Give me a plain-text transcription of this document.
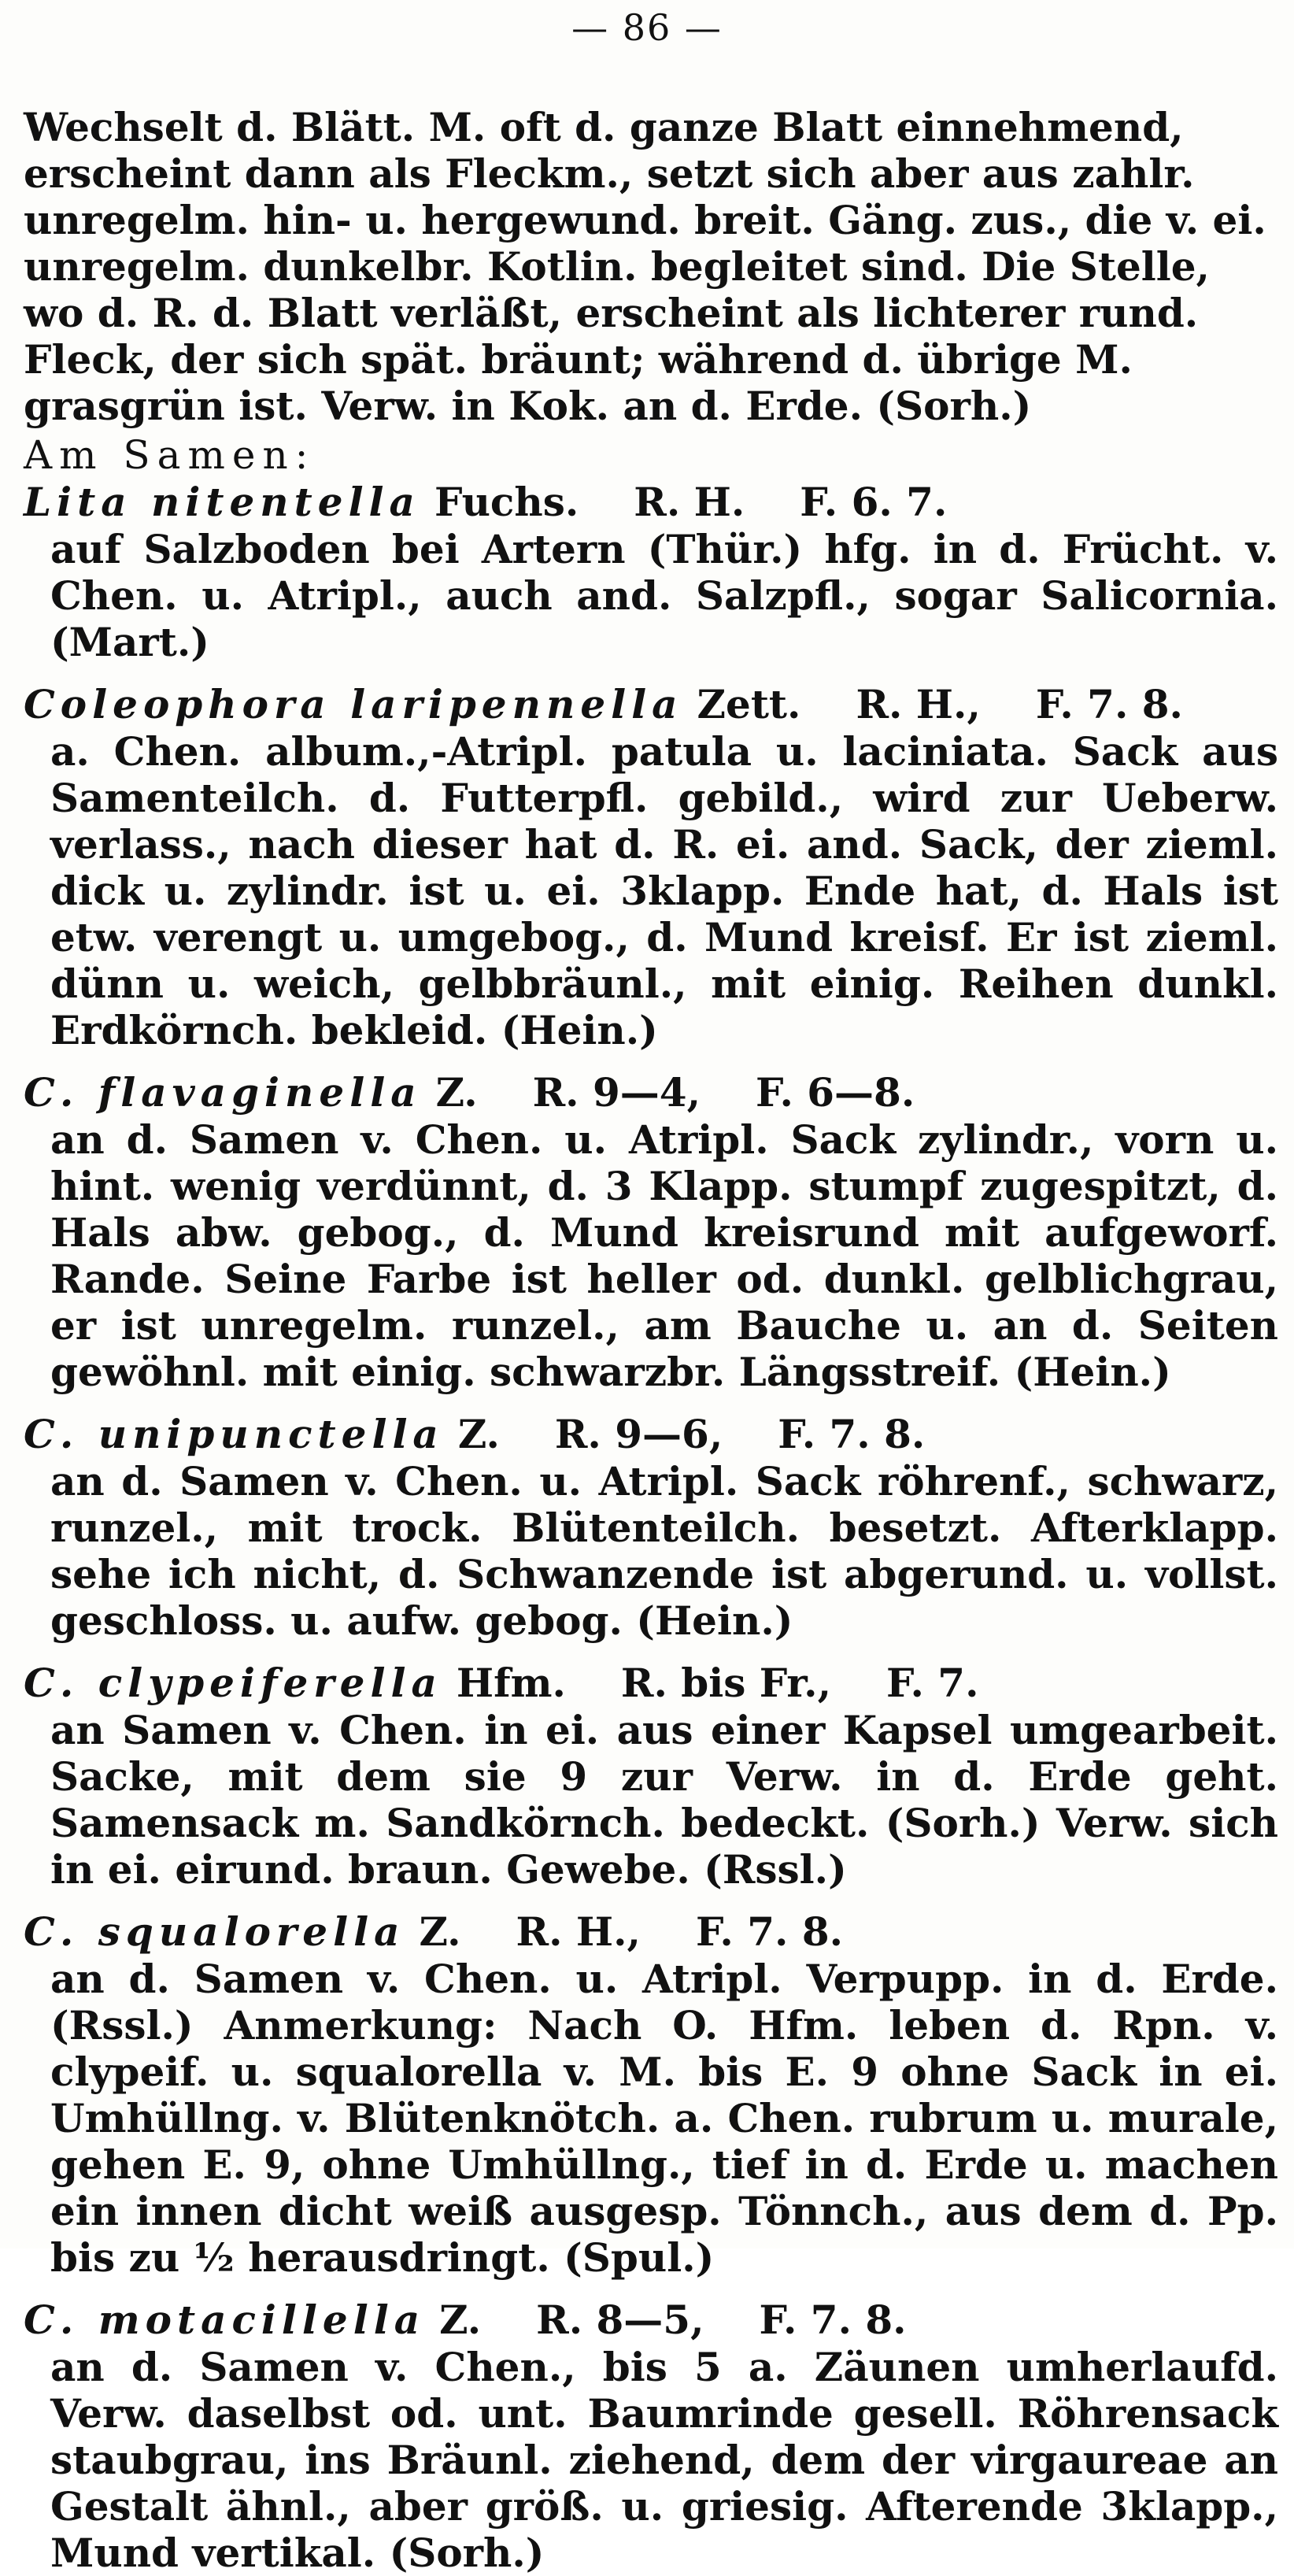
— 86 —

Wechselt d. Blätt. M. oft d. ganze Blatt einnehmend, erscheint dann als Fleckm., setzt sich aber aus zahlr. unregelm. hin- u. hergewund. breit. Gäng. zus., die v. ei. unregelm. dunkelbr. Kotlin. begleitet sind. Die Stelle, wo d. R. d. Blatt verläßt, erscheint als lichterer rund. Fleck, der sich spät. bräunt; während d. übrige M. grasgrün ist. Verw. in Kok. an d. Erde. (Sorh.)

Am Samen:
Lita nitentella Fuchs. R. H. F. 6. 7.

auf Salzboden bei Artern (Thür.) hfg. in d. Frücht. v. Chen. u. Atripl., auch and. Salzpfl., sogar Salicornia. (Mart.)

Coleophora laripennella Zett. R. H., F. 7. 8.

a. Chen. album.,-Atripl. patula u. laciniata. Sack aus Samenteilch. d. Futterpfl. gebild., wird zur Ueberw. verlass., nach dieser hat d. R. ei. and. Sack, der zieml. dick u. zylindr. ist u. ei. 3klapp. Ende hat, d. Hals ist etw. verengt u. umgebog., d. Mund kreisf. Er ist zieml. dünn u. weich, gelbbräunl., mit einig. Reihen dunkl. Erdkörnch. bekleid. (Hein.)

C. flavaginella Z. R. 9—4, F. 6—8.

an d. Samen v. Chen. u. Atripl. Sack zylindr., vorn u. hint. wenig verdünnt, d. 3 Klapp. stumpf zugespitzt, d. Hals abw. gebog., d. Mund kreisrund mit aufgeworf. Rande. Seine Farbe ist heller od. dunkl. gelblichgrau, er ist unregelm. runzel., am Bauche u. an d. Seiten gewöhnl. mit einig. schwarzbr. Längsstreif. (Hein.)

C. unipunctella Z. R. 9—6, F. 7. 8.

an d. Samen v. Chen. u. Atripl. Sack röhrenf., schwarz, runzel., mit trock. Blütenteilch. besetzt. Afterklapp. sehe ich nicht, d. Schwanzende ist abgerund. u. vollst. geschloss. u. aufw. gebog. (Hein.)

C. clypeiferella Hfm. R. bis Fr., F. 7.

an Samen v. Chen. in ei. aus einer Kapsel umgearbeit. Sacke, mit dem sie 9 zur Verw. in d. Erde geht. Samensack m. Sandkörnch. bedeckt. (Sorh.) Verw. sich in ei. eirund. braun. Gewebe. (Rssl.)

C. squalorella Z. R. H., F. 7. 8.

an d. Samen v. Chen. u. Atripl. Verpupp. in d. Erde. (Rssl.) Anmerkung: Nach O. Hfm. leben d. Rpn. v. clypeif. u. squalorella v. M. bis E. 9 ohne Sack in ei. Umhüllng. v. Blütenknötch. a. Chen. rubrum u. murale, gehen E. 9, ohne Umhüllng., tief in d. Erde u. machen ein innen dicht weiß ausgesp. Tönnch., aus dem d. Pp. bis zu ½ herausdringt. (Spul.)

C. motacillella Z. R. 8—5, F. 7. 8.

an d. Samen v. Chen., bis 5 a. Zäunen umherlaufd. Verw. daselbst od. unt. Baumrinde gesell. Röhrensack staubgrau, ins Bräunl. ziehend, dem der virgaureae an Gestalt ähnl., aber größ. u. griesig. Afterende 3klapp., Mund vertikal. (Sorh.)
